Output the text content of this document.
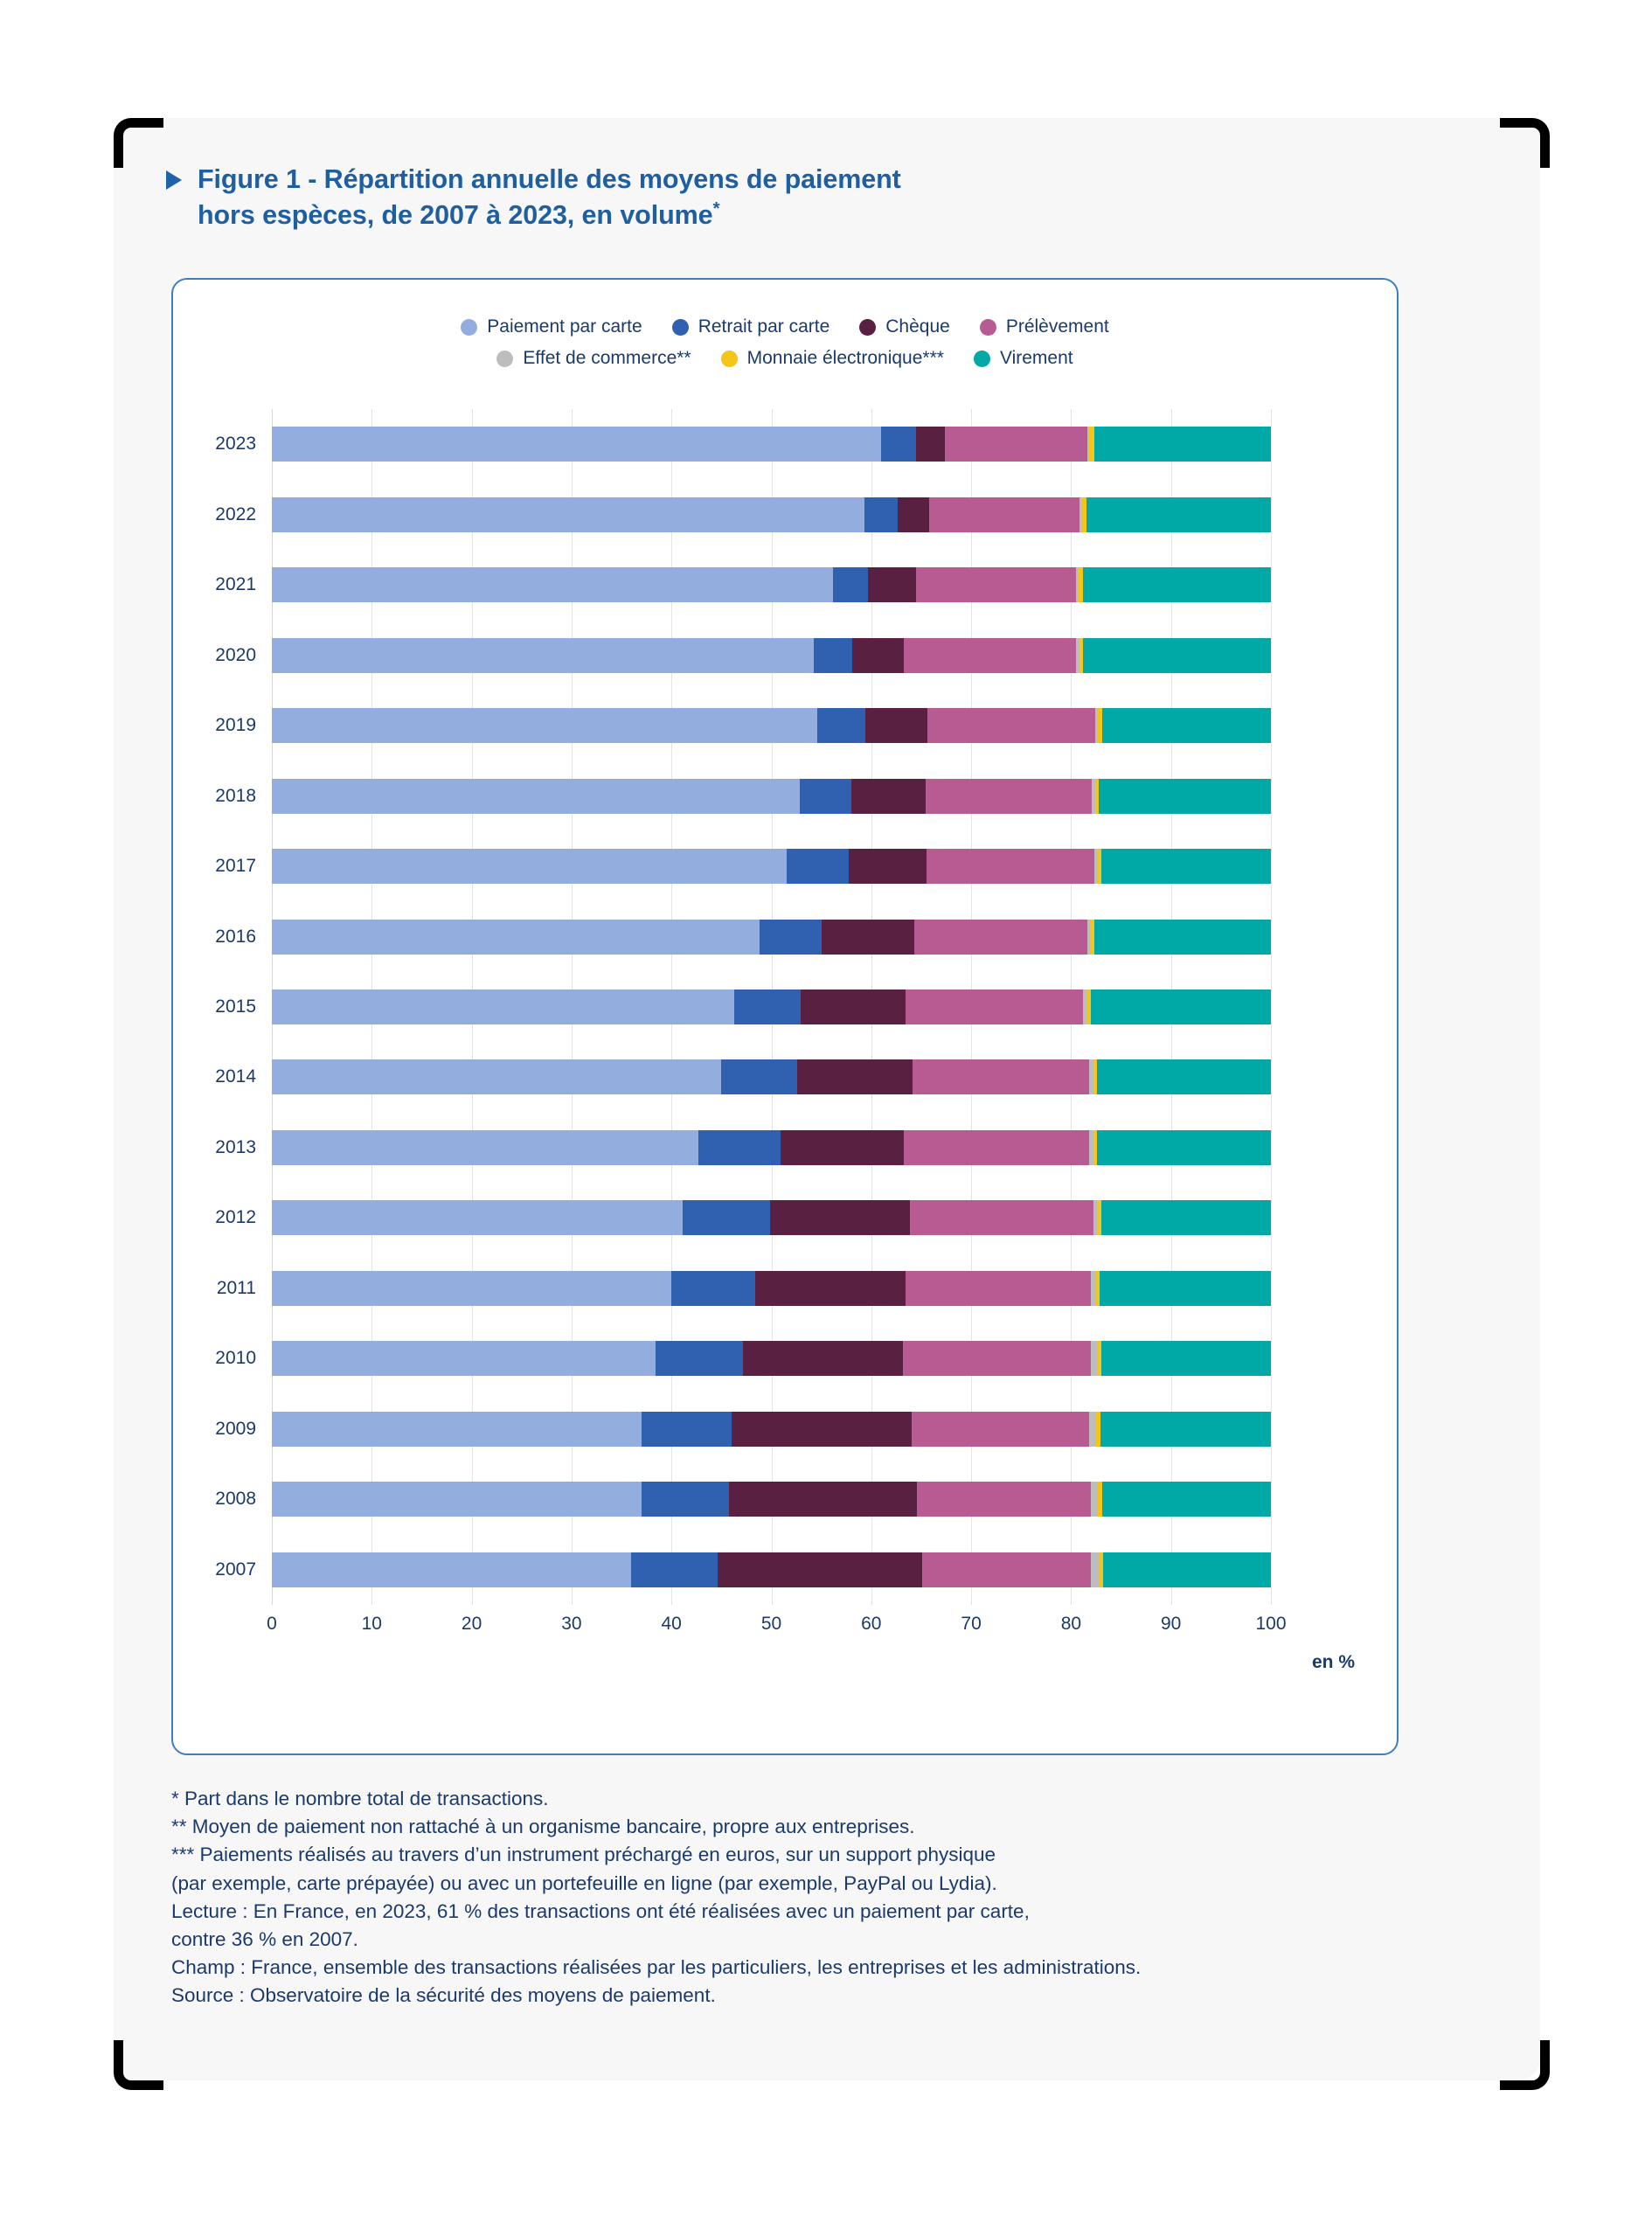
Figure 1 - Répartition annuelle des moyens de paiement
hors espèces, de 2007 à 2023, en volume*
Paiement par carte	Retrait par carte	Chèque	Prélèvement
Effet de commerce**	Monnaie électronique***	Virement
2023
2022
2021
2020
2019
2018
2017
2016
2015
2014
2013
2012
2011
2010
2009
2008
2007
0	10	20	30	40	50	60	70	80	90	100
en %

* Part dans le nombre total de transactions.

** Moyen de paiement non rattaché à un organisme bancaire, propre aux entreprises.

*** Paiements réalisés au travers d’un instrument préchargé en euros, sur un support physique

(par exemple, carte prépayée) ou avec un portefeuille en ligne (par exemple, PayPal ou Lydia).

Lecture : En France, en 2023, 61 % des transactions ont été réalisées avec un paiement par carte,

contre 36 % en 2007.

Champ : France, ensemble des transactions réalisées par les particuliers, les entreprises et les administrations.

Source : Observatoire de la sécurité des moyens de paiement.
